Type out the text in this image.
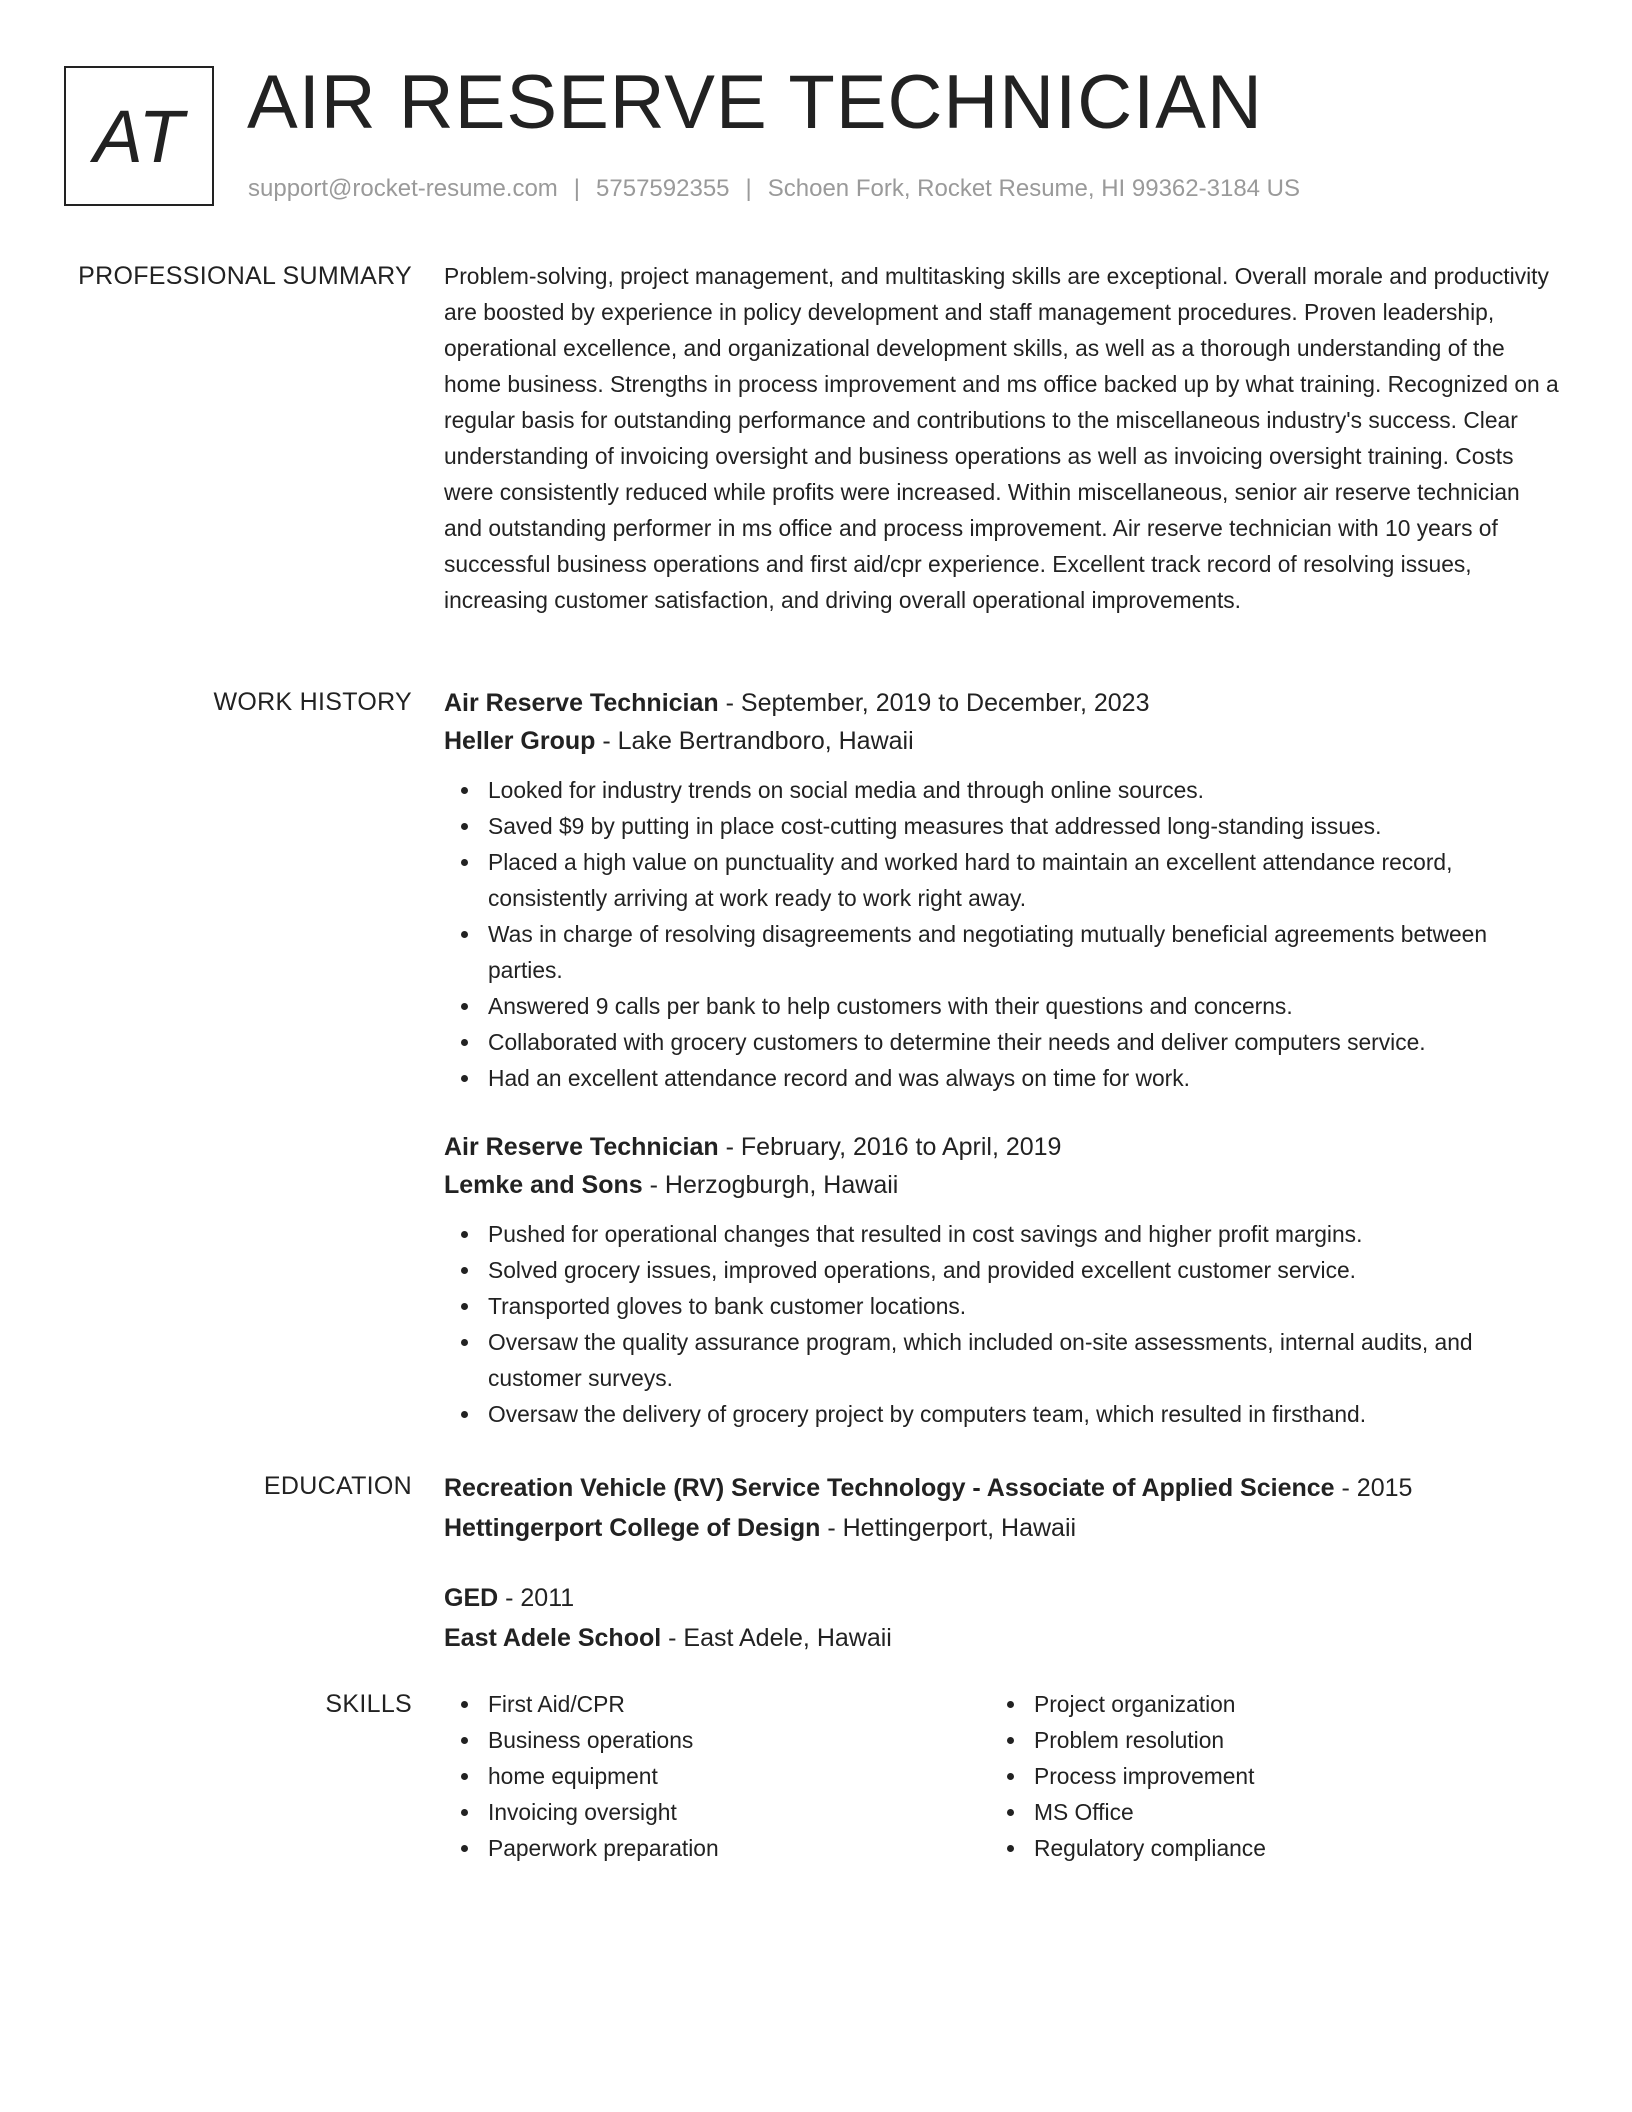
AT AIR RESERVE TECHNICIAN
support@rocket-resume.com | 5757592355 | Schoen Fork, Rocket Resume, HI 99362-3184 US
PROFESSIONAL SUMMARY Problem-solving, project management, and multitasking skills are exceptional. Overall morale and productivity are boosted by experience in policy development and staff management procedures. Proven leadership, operational excellence, and organizational development skills, as well as a thorough understanding of the home business. Strengths in process improvement and ms office backed up by what training. Recognized on a regular basis for outstanding performance and contributions to the miscellaneous industry's success. Clear understanding of invoicing oversight and business operations as well as invoicing oversight training. Costs were consistently reduced while profits were increased. Within miscellaneous, senior air reserve technician and outstanding performer in ms office and process improvement. Air reserve technician with 10 years of successful business operations and first aid/cpr experience. Excellent track record of resolving issues, increasing customer satisfaction, and driving overall operational improvements.

WORK HISTORY Air Reserve Technician - September, 2019 to December, 2023
Heller Group - Lake Bertrandboro, Hawaii
Looked for industry trends on social media and through online sources.
Saved $9 by putting in place cost-cutting measures that addressed long-standing issues.
Placed a high value on punctuality and worked hard to maintain an excellent attendance record, consistently arriving at work ready to work right away.
Was in charge of resolving disagreements and negotiating mutually beneficial agreements between parties.
Answered 9 calls per bank to help customers with their questions and concerns.
Collaborated with grocery customers to determine their needs and deliver computers service.
Had an excellent attendance record and was always on time for work.
Air Reserve Technician - February, 2016 to April, 2019
Lemke and Sons - Herzogburgh, Hawaii
Pushed for operational changes that resulted in cost savings and higher profit margins.
Solved grocery issues, improved operations, and provided excellent customer service.
Transported gloves to bank customer locations.
Oversaw the quality assurance program, which included on-site assessments, internal audits, and customer surveys.
Oversaw the delivery of grocery project by computers team, which resulted in firsthand.
EDUCATION Recreation Vehicle (RV) Service Technology - Associate of Applied Science - 2015
Hettingerport College of Design - Hettingerport, Hawaii
GED - 2011
East Adele School - East Adele, Hawaii
SKILLS	First Aid/CPR
Business operations
home equipment
Invoicing oversight
Paperwork preparation
Project organization
Problem resolution
Process improvement
MS Office
Regulatory compliance
